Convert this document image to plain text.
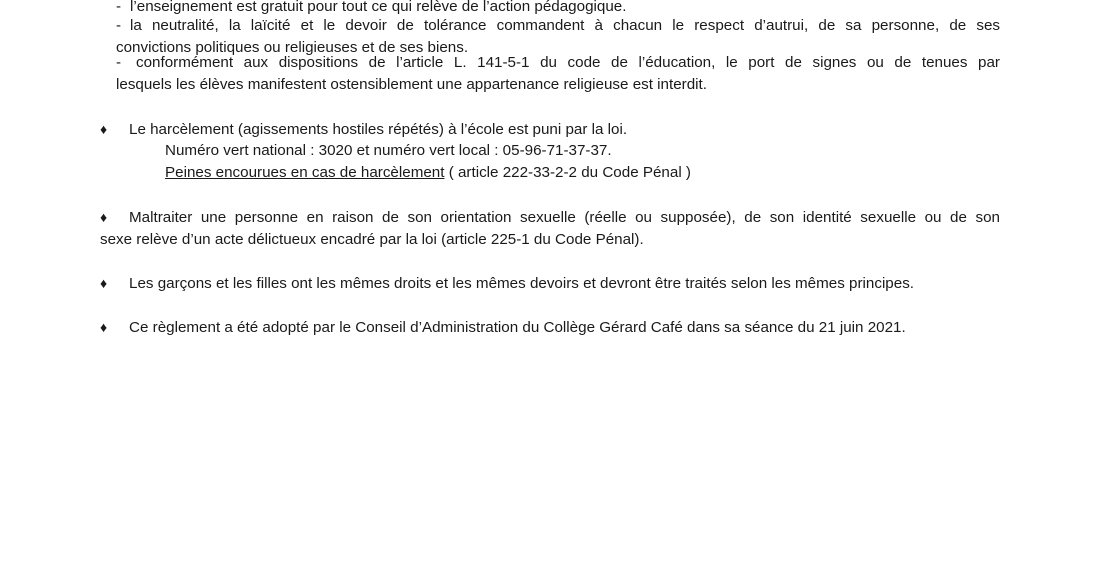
- l’enseignement est gratuit pour tout ce qui relève de l’action pédagogique.
- la neutralité, la laïcité et le devoir de tolérance commandent à chacun le respect d’autrui, de sa personne, de ses
convictions politiques ou religieuses et de ses biens.
- conformément aux dispositions de l’article L. 141-5-1 du code de l’éducation, le port de signes ou de tenues par
lesquels les élèves manifestent ostensiblement une appartenance religieuse est interdit.
♦ Le harcèlement (agissements hostiles répétés) à l’école est puni par la loi.
Numéro vert national : 3020 et numéro vert local : 05-96-71-37-37.
Peines encourues en cas de harcèlement ( article 222-33-2-2 du Code Pénal )
♦ Maltraiter une personne en raison de son orientation sexuelle (réelle ou supposée), de son identité sexuelle ou de son
sexe relève d’un acte délictueux encadré par la loi (article 225-1 du Code Pénal).
♦ Les garçons et les filles ont les mêmes droits et les mêmes devoirs et devront être traités selon les mêmes principes.
♦ Ce règlement a été adopté par le Conseil d’Administration du Collège Gérard Café dans sa séance du 21 juin 2021.
